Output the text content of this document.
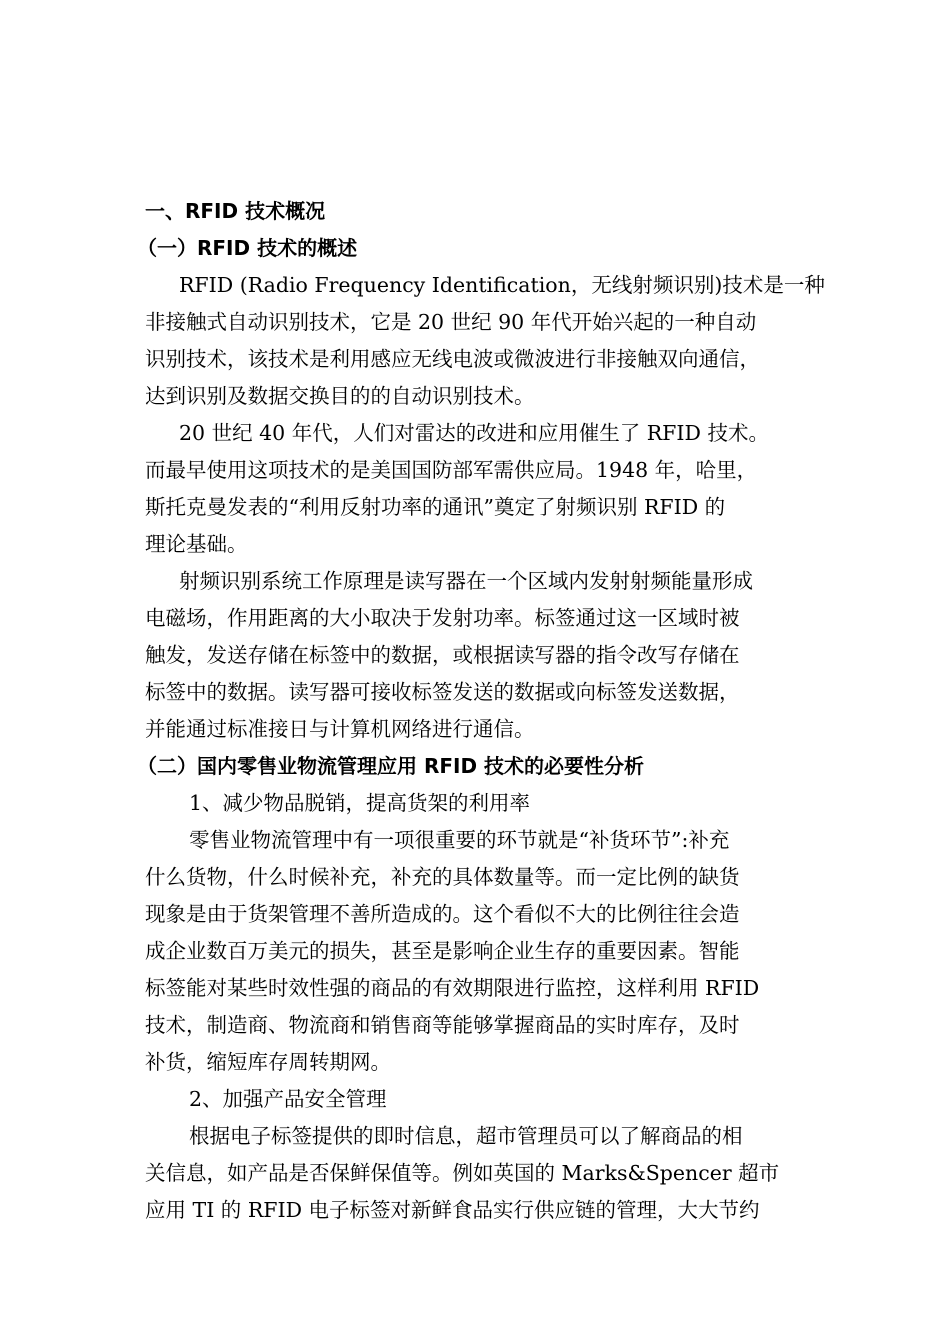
一、RFID 技术概况
（一）RFID 技术的概述
RFID (Radio Frequency Identification，无线射频识别)技术是一种
非接触式自动识别技术，它是 20 世纪 90 年代开始兴起的一种自动
识别技术，该技术是利用感应无线电波或微波进行非接触双向通信，
达到识别及数据交换目的的自动识别技术。
20 世纪 40 年代，人们对雷达的改进和应用催生了 RFID 技术。
而最早使用这项技术的是美国国防部军需供应局。1948 年，哈里，
斯托克曼发表的“利用反射功率的通讯”奠定了射频识别 RFID 的
理论基础。
射频识别系统工作原理是读写器在一个区域内发射射频能量形成
电磁场，作用距离的大小取决于发射功率。标签通过这一区域时被
触发，发送存储在标签中的数据，或根据读写器的指令改写存储在
标签中的数据。读写器可接收标签发送的数据或向标签发送数据，
并能通过标准接日与计算机网络进行通信。
（二）国内零售业物流管理应用 RFID 技术的必要性分析
1、减少物品脱销，提高货架的利用率
零售业物流管理中有一项很重要的环节就是“补货环节”:补充
什么货物，什么时候补充，补充的具体数量等。而一定比例的缺货
现象是由于货架管理不善所造成的。这个看似不大的比例往往会造
成企业数百万美元的损失，甚至是影响企业生存的重要因素。智能
标签能对某些时效性强的商品的有效期限进行监控，这样利用 RFID
技术，制造商、物流商和销售商等能够掌握商品的实时库存，及时
补货，缩短库存周转期网。
2、加强产品安全管理
根据电子标签提供的即时信息，超市管理员可以了解商品的相
关信息，如产品是否保鲜保值等。例如英国的 Marks&Spencer 超市
应用 TI 的 RFID 电子标签对新鲜食品实行供应链的管理，大大节约
